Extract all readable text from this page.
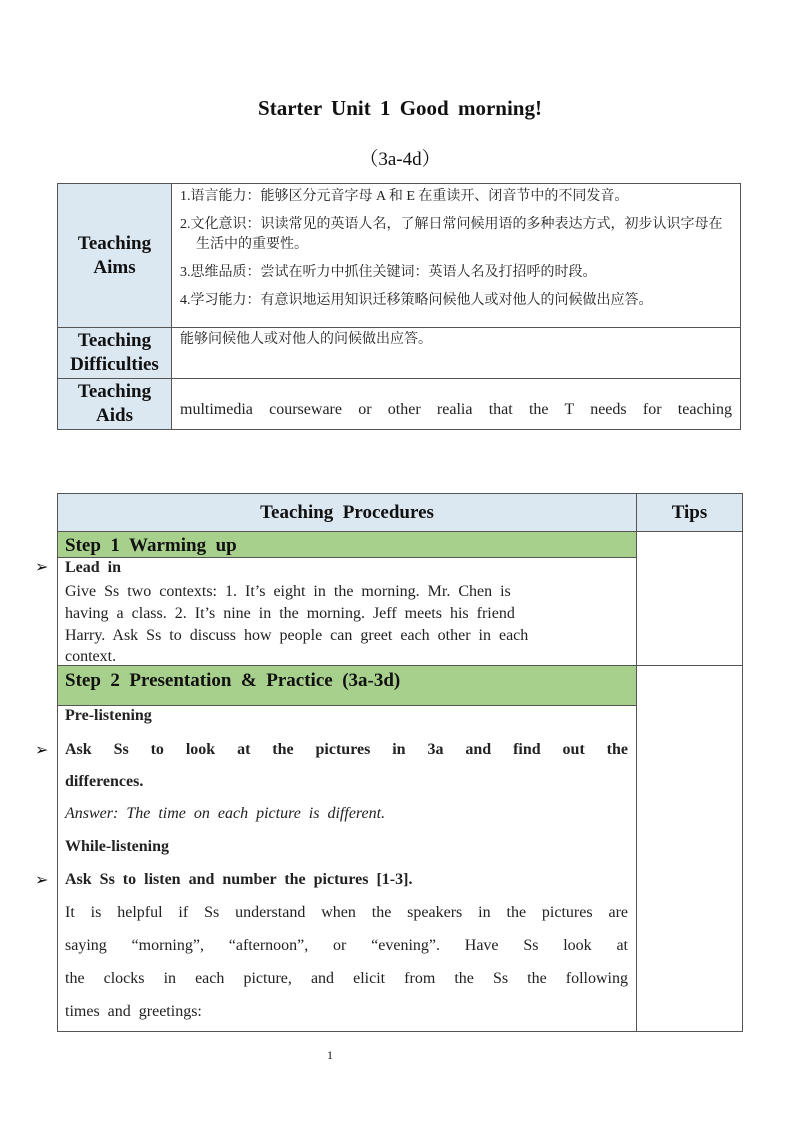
Starter Unit 1 Good morning!
（3a-4d）
Teaching Aims
1.语言能力：能够区分元音字母 A 和 E 在重读开、闭音节中的不同发音。
2.文化意识：识读常见的英语人名，了解日常问候用语的多种表达方式，初步认识字母在生活中的重要性。
3.思维品质：尝试在听力中抓住关键词：英语人名及打招呼的时段。
4.学习能力：有意识地运用知识迁移策略问候他人或对他人的问候做出应答。
Teaching Difficulties
能够问候他人或对他人的问候做出应答。
Teaching Aids	multimedia  courseware  or  other  realia  that  the  T  needs  for  teaching
Teaching  Procedures	Tips
Step  1  Warming  up
➢ Lead  in
Give  Ss  two  contexts:  1.  It’s  eight  in  the  morning.  Mr.  Chen  is
having  a  class.  2.  It’s  nine  in  the  morning.  Jeff  meets  his  friend
Harry.  Ask  Ss  to  discuss  how  people  can  greet  each  other  in  each
context.
Step  2  Presentation  &  Practice  (3a-3d)
Pre-listening
➢ Ask  Ss  to  look  at  the  pictures  in  3a  and  find  out  the
differences.
Answer:  The  time  on  each  picture  is  different.
While-listening
➢ Ask  Ss  to  listen  and  number  the  pictures  [1-3].
It  is  helpful  if  Ss  understand  when  the  speakers  in  the  pictures  are
saying  “morning”,  “afternoon”,  or  “evening”.  Have  Ss  look  at
the  clocks  in  each  picture,  and  elicit  from  the  Ss  the  following
times  and  greetings:
1
